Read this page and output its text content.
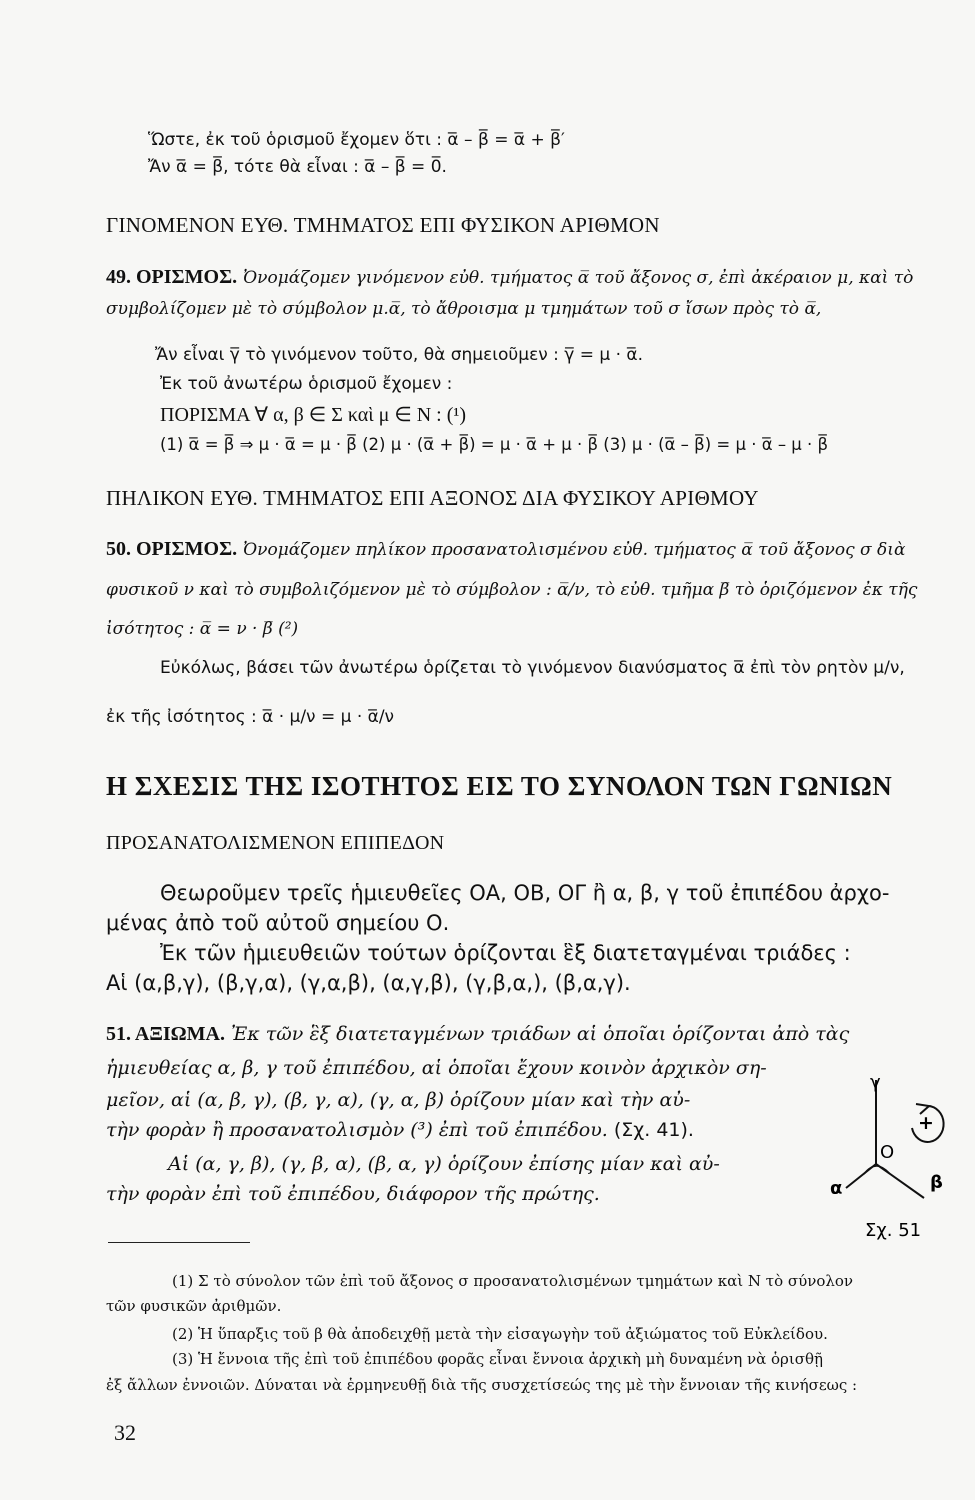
Ὥστε, ἐκ τοῦ ὁρισμοῦ ἔχομεν ὅτι : α̅ – β̅ = α̅ + β̅′
Ἄν α̅ = β̅, τότε θὰ εἶναι : α̅ – β̅ = 0̅.
ΓΙΝΟΜΕΝΟΝ ΕΥΘ. ΤΜΗΜΑΤΟΣ ΕΠΙ ΦΥΣΙΚΟΝ ΑΡΙΘΜΟΝ
49. ΟΡΙΣΜΟΣ. Ὀνομάζομεν γινόμενον εὐθ. τμήματος α̅ τοῦ ἄξονος σ, ἐπὶ ἀκέραιον μ, καὶ τὸ
συμβολίζομεν μὲ τὸ σύμβολον μ.α̅, τὸ ἄθροισμα μ τμημάτων τοῦ σ ἴσων πρὸς τὸ α̅,
Ἄν εἶναι γ̅ τὸ γινόμενον τοῦτο, θὰ σημειοῦμεν : γ̅ = μ · α̅.
Ἐκ τοῦ ἀνωτέρω ὁρισμοῦ ἔχομεν :
ΠΟΡΙΣΜΑ ∀ α, β ∈ Σ καὶ μ ∈ N : (¹)
(1) α̅ = β̅ ⇒ μ · α̅ = μ · β̅ (2) μ · (α̅ + β̅) = μ · α̅ + μ · β̅ (3) μ · (α̅ – β̅) = μ · α̅ – μ · β̅
ΠΗΛΙΚΟΝ ΕΥΘ. ΤΜΗΜΑΤΟΣ ΕΠΙ ΑΞΟΝΟΣ ΔΙΑ ΦΥΣΙΚΟΥ ΑΡΙΘΜΟΥ
50. ΟΡΙΣΜΟΣ. Ὀνομάζομεν πηλίκον προσανατολισμένου εὐθ. τμήματος α̅ τοῦ ἄξονος σ διὰ
φυσικοῦ ν καὶ τὸ συμβολιζόμενον μὲ τὸ σύμβολον : α̅/ν, τὸ εὐθ. τμῆμα β̅ τὸ ὁριζόμενον ἐκ τῆς
ἰσότητος : α̅ = ν · β̅ (²)
Εὐκόλως, βάσει τῶν ἀνωτέρω ὁρίζεται τὸ γινόμενον διανύσματος α̅ ἐπὶ τὸν ρητὸν μ/ν,
ἐκ τῆς ἰσότητος : α̅ · μ/ν = μ · α̅/ν
Η ΣΧΕΣΙΣ ΤΗΣ ΙΣΟΤΗΤΟΣ ΕΙΣ ΤΟ ΣΥΝΟΛΟΝ ΤΩΝ ΓΩΝΙΩΝ
ΠΡΟΣΑΝΑΤΟΛΙΣΜΕΝΟΝ ΕΠΙΠΕΔΟΝ
Θεωροῦμεν τρεῖς ἡμιευθεῖες ΟΑ, ΟΒ, ΟΓ ἢ α, β, γ τοῦ ἐπιπέδου ἀρχο-
μένας ἀπὸ τοῦ αὐτοῦ σημείου Ο.
Ἐκ τῶν ἡμιευθειῶν τούτων ὁρίζονται ἓξ διατεταγμέναι τριάδες :
Αἱ (α,β,γ), (β,γ,α), (γ,α,β), (α,γ,β), (γ,β,α,), (β,α,γ).
51. ΑΞΙΩΜΑ. Ἐκ τῶν ἓξ διατεταγμένων τριάδων αἱ ὁποῖαι ὁρίζονται ἀπὸ τὰς
ἡμιευθείας α, β, γ τοῦ ἐπιπέδου, αἱ ὁποῖαι ἔχουν κοινὸν ἀρχικὸν ση-
μεῖον, αἱ (α, β, γ), (β, γ, α), (γ, α, β) ὁρίζουν μίαν καὶ τὴν αὐ-
τὴν φορὰν ἢ προσανατολισμὸν (³) ἐπὶ τοῦ ἐπιπέδου. (Σχ. 41).
Αἱ (α, γ, β), (γ, β, α), (β, α, γ) ὁρίζουν ἐπίσης μίαν καὶ αὐ-
τὴν φορὰν ἐπὶ τοῦ ἐπιπέδου, διάφορον τῆς πρώτης.
γ
Ο
β
α
+
Σχ. 51
(1) Σ τὸ σύνολον τῶν ἐπὶ τοῦ ἄξονος σ προσανατολισμένων τμημάτων καὶ Ν τὸ σύνολον
τῶν φυσικῶν ἀριθμῶν.
(2) Ἡ ὕπαρξις τοῦ β θὰ ἀποδειχθῇ μετὰ τὴν εἰσαγωγὴν τοῦ ἀξιώματος τοῦ Εὐκλείδου.
(3) Ἡ ἔννοια τῆς ἐπὶ τοῦ ἐπιπέδου φορᾶς εἶναι ἔννοια ἀρχικὴ μὴ δυναμένη νὰ ὁρισθῇ
ἐξ ἄλλων ἐννοιῶν. Δύναται νὰ ἑρμηνευθῇ διὰ τῆς συσχετίσεώς της μὲ τὴν ἔννοιαν τῆς κινήσεως :
32
